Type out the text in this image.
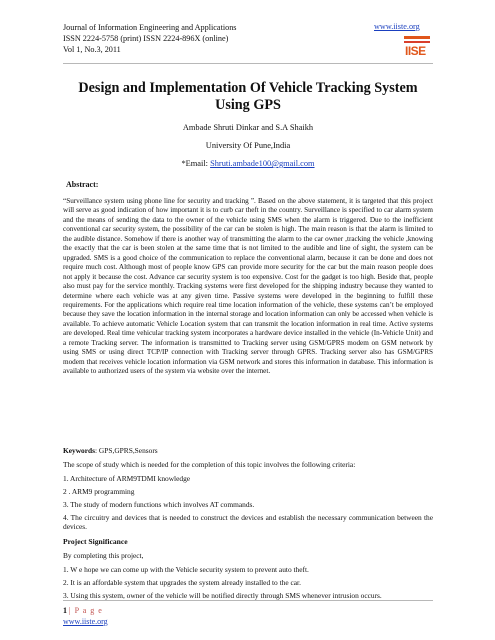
Journal of Information Engineering and Applications
ISSN 2224-5758 (print) ISSN 2224-896X (online)
Vol 1, No.3, 2011
www.iiste.org
IISE
Design and Implementation Of Vehicle Tracking System Using GPS
Ambade Shruti Dinkar and S.A Shaikh
University Of Pune,India
*Email: Shruti.ambade100@gmail.com
Abstract:

“Surveillance system using phone line for security and tracking ”. Based on the above statement, it is targeted that this project will serve as good indication of how important it is to curb car theft in the country. Surveillance is specified to car alarm system and the means of sending the data to the owner of the vehicle using SMS when the alarm is triggered. Due to the inefficient conventional car security system, the possibility of the car can be stolen is high. The main reason is that the alarm is limited to the audible distance. Somehow if there is another way of transmitting the alarm to the car owner ,tracking the vehicle ,knowing the exactly that the car is been stolen at the same time that is not limited to the audible and line of sight, the system can be upgraded. SMS is a good choice of the communication to replace the conventional alarm, because it can be done and does not require much cost. Although most of people know GPS can provide more security for the car but the main reason people does not apply it because the cost. Advance car security system is too expensive. Cost for the gadget is too high. Beside that, people also must pay for the service monthly. Tracking systems were first developed for the shipping industry because they wanted to determine where each vehicle was at any given time. Passive systems were developed in the beginning to fulfill these requirements. For the applications which require real time location information of the vehicle, these systems can’t be employed because they save the location information in the internal storage and location information can only be accessed when vehicle is available. To achieve automatic Vehicle Location system that can transmit the location information in real time. Active systems are developed. Real time vehicular tracking system incorporates a hardware device installed in the vehicle (In-Vehicle Unit) and a remote Tracking server. The information is transmitted to Tracking server using GSM/GPRS modem on GSM network by using SMS or using direct TCP/IP connection with Tracking server through GPRS. Tracking server also has GSM/GPRS modem that receives vehicle location information via GSM network and stores this information in database. This information is available to authorized users of the system via website over the internet.

Keywords: GPS,GPRS,Sensors
The scope of study which is needed for the completion of this topic involves the following criteria:

1. Architecture of ARM9TDMI knowledge

2 . ARM9 programming

3. The study of modern functions which involves AT commands.

4. The circuitry and devices that is needed to construct the devices and establish the necessary communication between the devices.

Project Significance
By completing this project,

1. W e hope we can come up with the Vehicle security system to prevent auto theft.

2. It is an affordable system that upgrades the system already installed to the car.

3. Using this system, owner of the vehicle will be notified directly through SMS whenever intrusion occurs.

1 | P a g e
www.iiste.org
